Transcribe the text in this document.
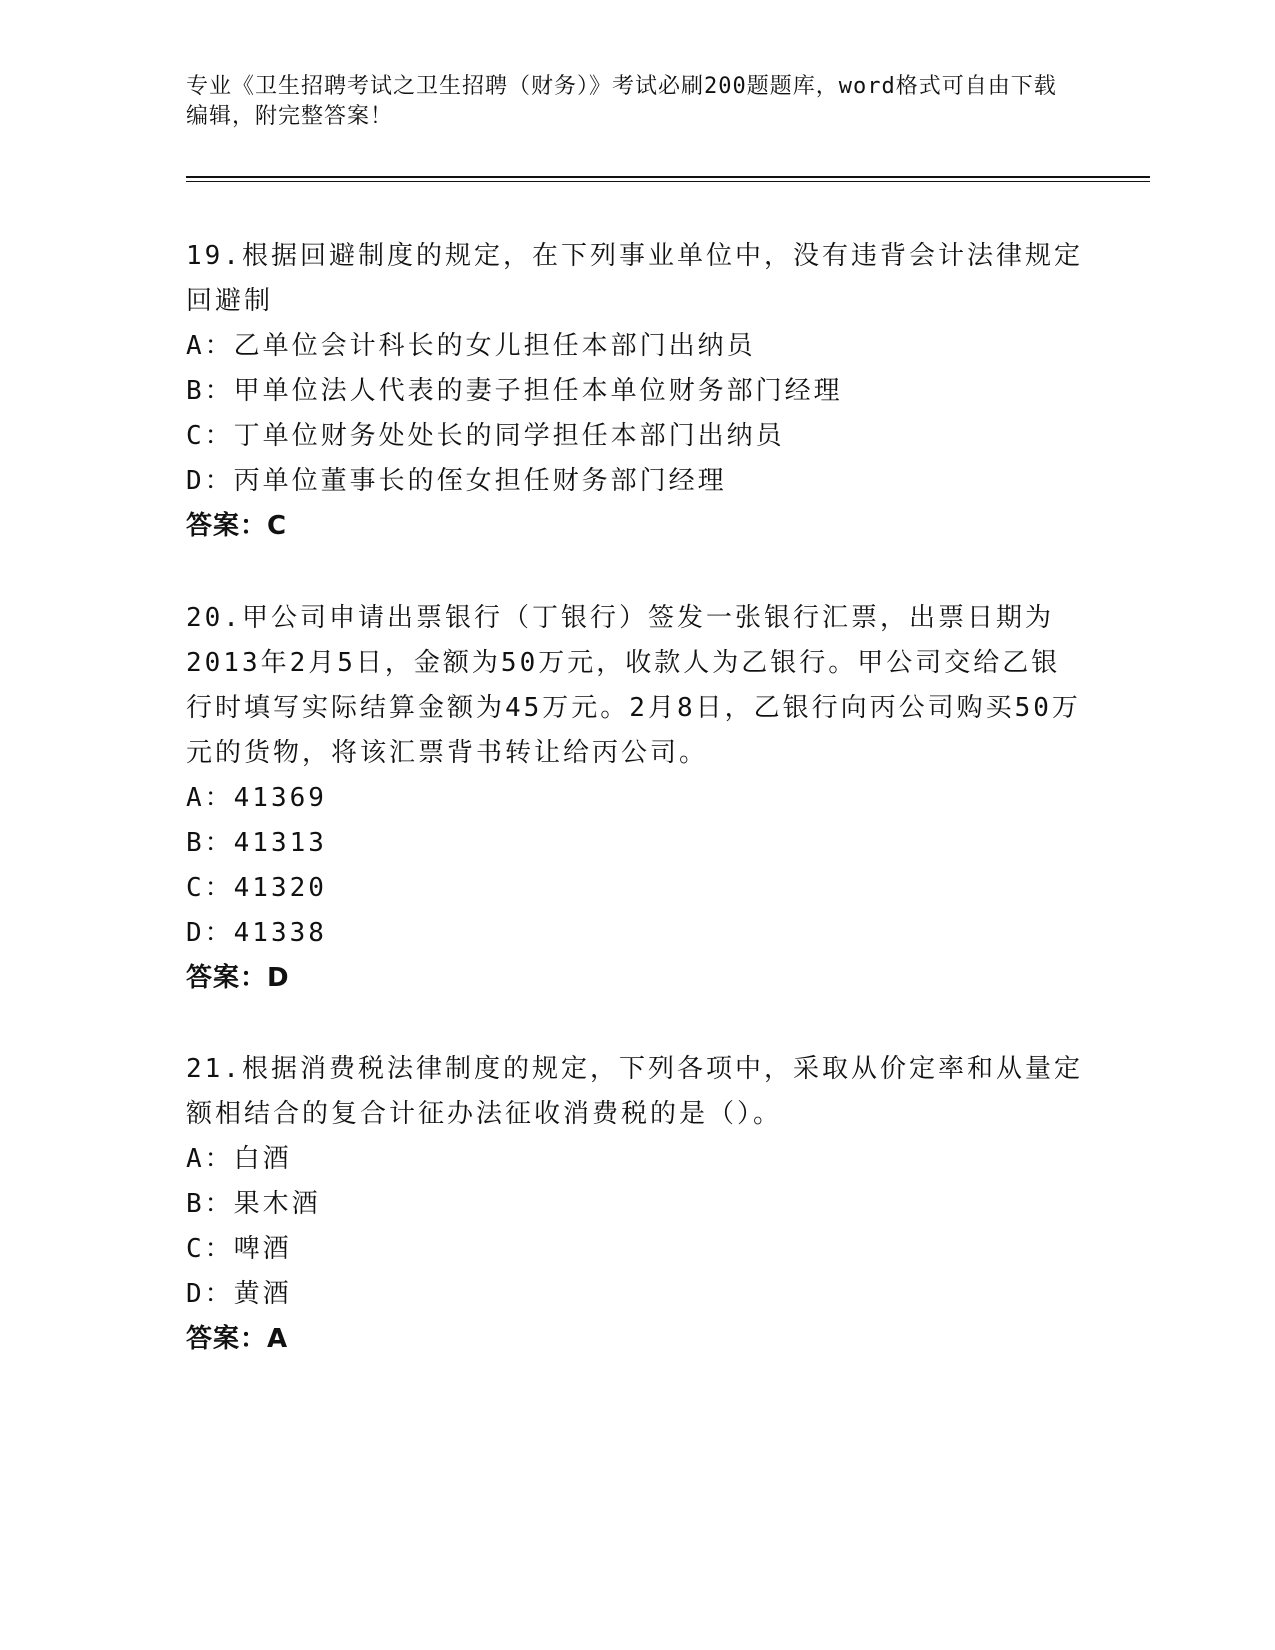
专业《卫生招聘考试之卫生招聘（财务）》考试必刷200题题库，word格式可自由下载编辑，附完整答案！
19.根据回避制度的规定，在下列事业单位中，没有违背会计法律规定回避制
A：乙单位会计科长的女儿担任本部门出纳员
B：甲单位法人代表的妻子担任本单位财务部门经理
C：丁单位财务处处长的同学担任本部门出纳员
D：丙单位董事长的侄女担任财务部门经理
答案：C
20.甲公司申请出票银行（丁银行）签发一张银行汇票，出票日期为2013年2月5日，金额为50万元，收款人为乙银行。甲公司交给乙银行时填写实际结算金额为45万元。2月8日，乙银行向丙公司购买50万元的货物，将该汇票背书转让给丙公司。
A：41369
B：41313
C：41320
D：41338
答案：D
21.根据消费税法律制度的规定，下列各项中，采取从价定率和从量定额相结合的复合计征办法征收消费税的是（）。
A：白酒
B：果木酒
C：啤酒
D：黄酒
答案：A
